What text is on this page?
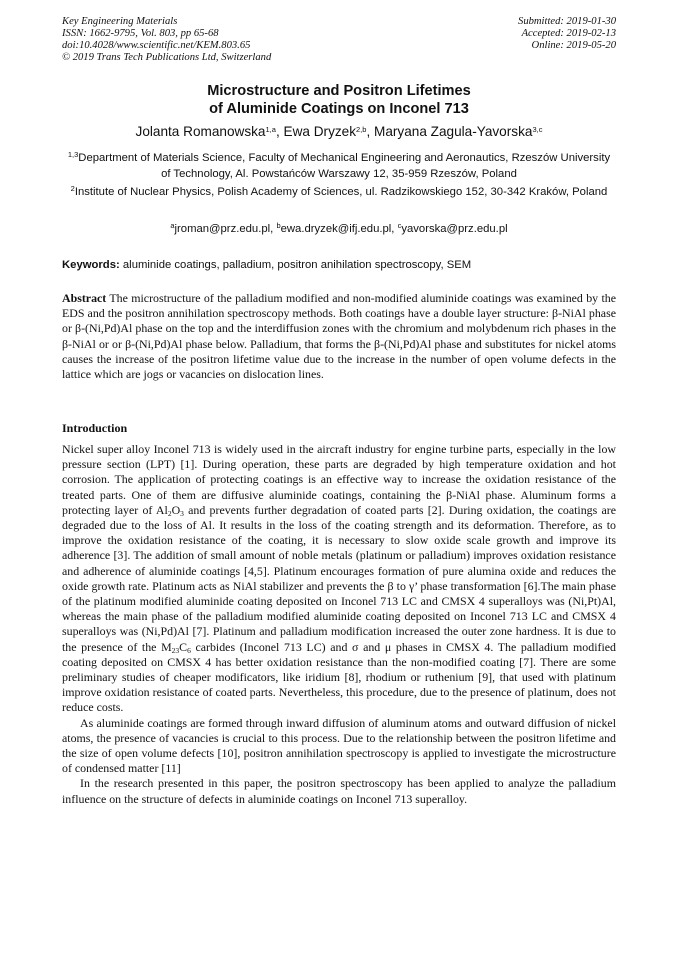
Key Engineering Materials
ISSN: 1662-9795, Vol. 803, pp 65-68
doi:10.4028/www.scientific.net/KEM.803.65
© 2019 Trans Tech Publications Ltd, Switzerland
Submitted: 2019-01-30
Accepted: 2019-02-13
Online: 2019-05-20
Microstructure and Positron Lifetimes
of Aluminide Coatings on Inconel 713
Jolanta Romanowska$^{1,a}$, Ewa Dryzek$^{2,b}$, Maryana Zagula-Yavorska$^{3,c}$
$^{1,3}$Department of Materials Science, Faculty of Mechanical Engineering and Aeronautics, Rzeszów University of Technology, Al. Powstańców Warszawy 12, 35-959 Rzeszów, Poland
$^2$Institute of Nuclear Physics, Polish Academy of Sciences, ul. Radzikowskiego 152, 30-342 Kraków, Poland
$^a$jroman@prz.edu.pl, $^b$ewa.dryzek@ifj.edu.pl, $^c$yavorska@prz.edu.pl
Keywords: aluminide coatings, palladium, positron anihilation spectroscopy, SEM
Abstract The microstructure of the palladium modified and non-modified aluminide coatings was examined by the EDS and the positron annihilation spectroscopy methods. Both coatings have a double layer structure: β-NiAl phase or β-(Ni,Pd)Al phase on the top and the interdiffusion zones with the chromium and molybdenum rich phases in the β-NiAl or or β-(Ni,Pd)Al phase below. Palladium, that forms the β-(Ni,Pd)Al phase and substitutes for nickel atoms causes the increase of the positron lifetime value due to the increase in the number of open volume defects in the lattice which are jogs or vacancies on dislocation lines.
Introduction

Nickel super alloy Inconel 713 is widely used in the aircraft industry for engine turbine parts, especially in the low pressure section (LPT) [1]. During operation, these parts are degraded by high temperature oxidation and hot corrosion. The application of protecting coatings is an effective way to increase the oxidation resistance of the treated parts. One of them are diffusive aluminide coatings, containing the β-NiAl phase. Aluminum forms a protecting layer of $Al_2O_3$ and prevents further degradation of coated parts [2]. During oxidation, the coatings are degraded due to the loss of Al. It results in the loss of the coating strength and its deformation. Therefore, as to improve the oxidation resistance of the coating, it is necessary to slow oxide scale growth and improve its adherence [3]. The addition of small amount of noble metals (platinum or palladium) improves oxidation resistance and adherence of aluminide coatings [4,5]. Platinum encourages formation of pure alumina oxide and reduces the oxide growth rate. Platinum acts as NiAl stabilizer and prevents the β to γ’ phase transformation [6].The main phase of the platinum modified aluminide coating deposited on Inconel 713 LC and CMSX 4 superalloys was (Ni,Pt)Al, whereas the main phase of the palladium modified aluminide coating deposited on Inconel 713 LC and CMSX 4 superalloys was (Ni,Pd)Al [7]. Platinum and palladium modification increased the outer zone hardness. It is due to the presence of the $M_{23}C_6$ carbides (Inconel 713 LC) and σ and μ phases in CMSX 4. The palladium modified coating deposited on CMSX 4 has better oxidation resistance than the non-modified coating [7]. There are some preliminary studies of cheaper modificators, like iridium [8], rhodium or ruthenium [9], that used with platinum improve oxidation resistance of coated parts. Nevertheless, this procedure, due to the presence of platinum, does not reduce costs.

As aluminide coatings are formed through inward diffusion of aluminum atoms and outward diffusion of nickel atoms, the presence of vacancies is crucial to this process. Due to the relationship between the positron lifetime and the size of open volume defects [10], positron annihilation spectroscopy is applied to investigate the microstructure of condensed matter [11]

In the research presented in this paper, the positron spectroscopy has been applied to analyze the palladium influence on the structure of defects in aluminide coatings on Inconel 713 superalloy.
